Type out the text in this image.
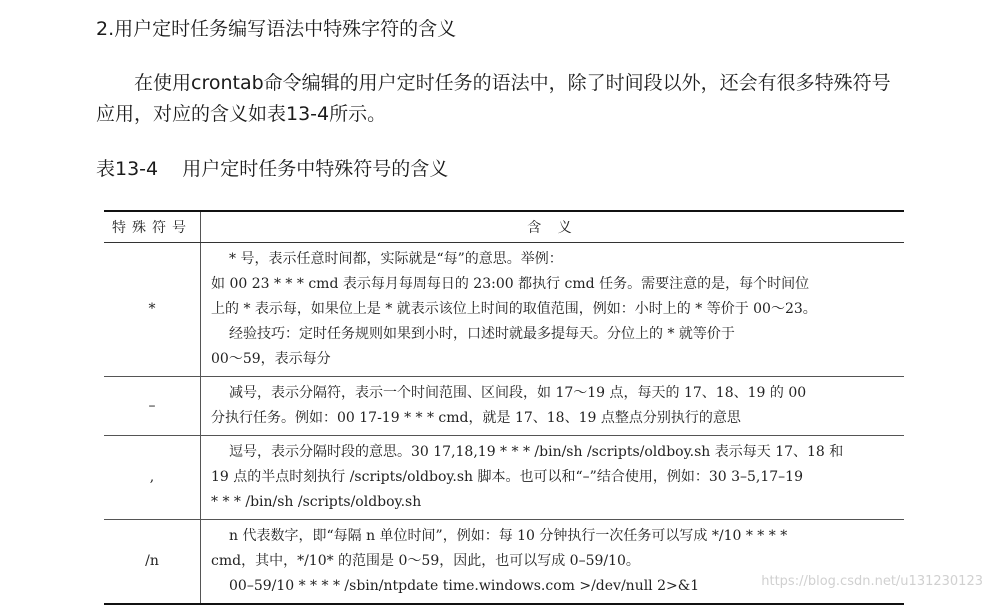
2.用户定时任务编写语法中特殊字符的含义
在使用crontab命令编辑的用户定时任务的语法中，除了时间段以外，还会有很多特殊符号应用，对应的含义如表13-4所示。
表13-4    用户定时任务中特殊符号的含义
特殊符号	含 义
*	* 号，表示任意时间都，实际就是“每”的意思。举例：
如 00 23 * * * cmd 表示每月每周每日的 23:00 都执行 cmd 任务。需要注意的是，每个时间位
上的 * 表示每，如果位上是 * 就表示该位上时间的取值范围，例如：小时上的 * 等价于 00～23。
经验技巧：定时任务规则如果到小时，口述时就最多提每天。分位上的 * 就等价于
00～59，表示每分

–	减号，表示分隔符，表示一个时间范围、区间段，如 17～19 点，每天的 17、18、19 的 00
分执行任务。例如：00 17-19 * * * cmd，就是 17、18、19 点整点分别执行的意思

,	逗号，表示分隔时段的意思。30 17,18,19 * * * /bin/sh /scripts/oldboy.sh 表示每天 17、18 和
19 点的半点时刻执行 /scripts/oldboy.sh 脚本。也可以和“–”结合使用，例如：30 3–5,17–19
* * * /bin/sh /scripts/oldboy.sh

/n	n 代表数字，即“每隔 n 单位时间”，例如：每 10 分钟执行一次任务可以写成 */10 * * * *
cmd，其中，*/10* 的范围是 0～59，因此，也可以写成 0–59/10。
00–59/10 * * * * /sbin/ntpdate time.windows.com >/dev/null 2>&1	https://blog.csdn.net/u131230123
